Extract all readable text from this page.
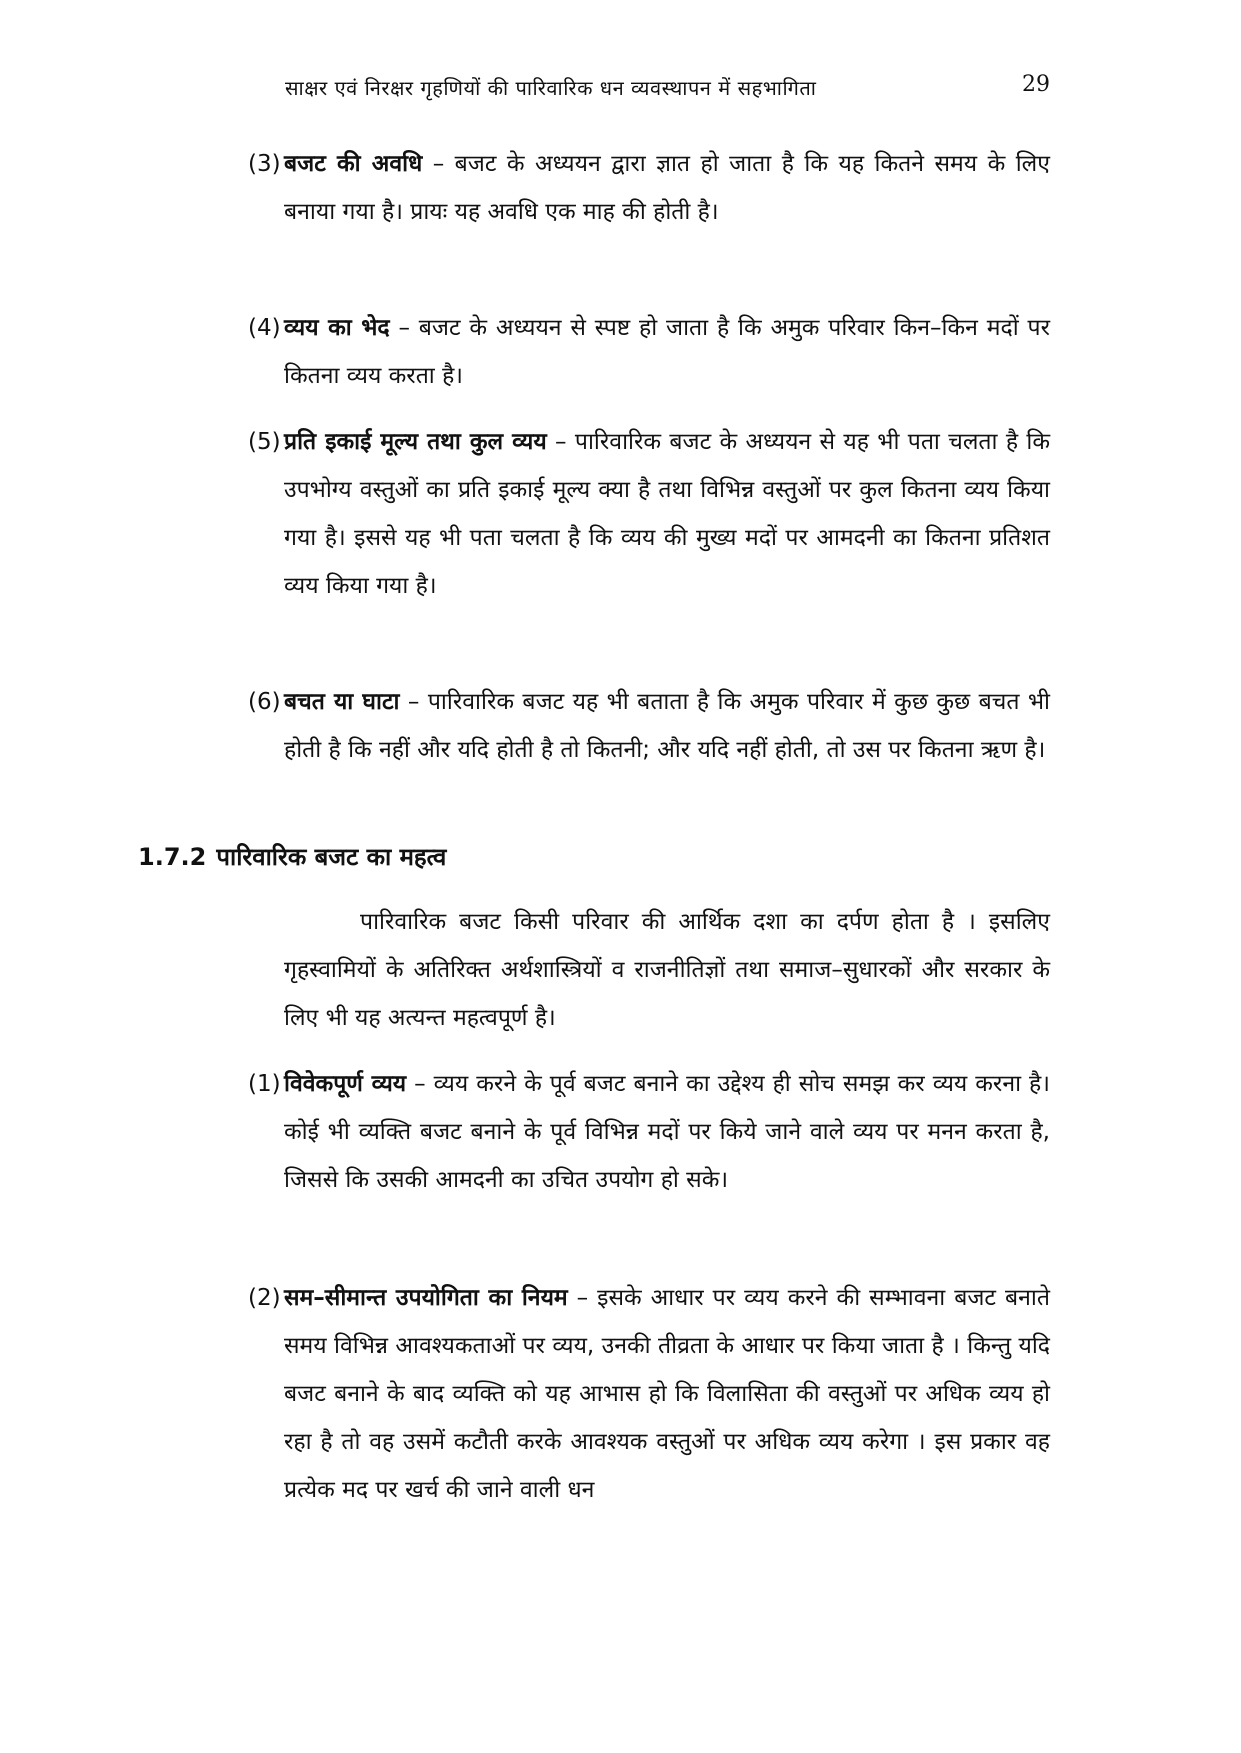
साक्षर एवं निरक्षर गृहणियों की पारिवारिक धन व्यवस्थापन में सहभागिता	29
(3) बजट की अवधि – बजट के अध्ययन द्वारा ज्ञात हो जाता है कि यह कितने समय के लिए बनाया गया है। प्रायः यह अवधि एक माह की होती है।
(4) व्यय का भेद – बजट के अध्ययन से स्पष्ट हो जाता है कि अमुक परिवार किन–किन मदों पर कितना व्यय करता है।
(5) प्रति इकाई मूल्य तथा कुल व्यय – पारिवारिक बजट के अध्ययन से यह भी पता चलता है कि उपभोग्य वस्तुओं का प्रति इकाई मूल्य क्या है तथा विभिन्न वस्तुओं पर कुल कितना व्यय किया गया है। इससे यह भी पता चलता है कि व्यय की मुख्य मदों पर आमदनी का कितना प्रतिशत व्यय किया गया है।
(6) बचत या घाटा – पारिवारिक बजट यह भी बताता है कि अमुक परिवार में कुछ कुछ बचत भी होती है कि नहीं और यदि होती है तो कितनी; और यदि नहीं होती, तो उस पर कितना ऋण है।
1.7.2 पारिवारिक बजट का महत्व
पारिवारिक बजट किसी परिवार की आर्थिक दशा का दर्पण होता है । इसलिए गृहस्वामियों के अतिरिक्त अर्थशास्त्रियों व राजनीतिज्ञों तथा समाज–सुधारकों और सरकार के लिए भी यह अत्यन्त महत्वपूर्ण है।
(1) विवेकपूर्ण व्यय – व्यय करने के पूर्व बजट बनाने का उद्देश्य ही सोच समझ कर व्यय करना है। कोई भी व्यक्ति बजट बनाने के पूर्व विभिन्न मदों पर किये जाने वाले व्यय पर मनन करता है, जिससे कि उसकी आमदनी का उचित उपयोग हो सके।
(2) सम–सीमान्त उपयोगिता का नियम – इसके आधार पर व्यय करने की सम्भावना बजट बनाते समय विभिन्न आवश्यकताओं पर व्यय, उनकी तीव्रता के आधार पर किया जाता है । किन्तु यदि बजट बनाने के बाद व्यक्ति को यह आभास हो कि विलासिता की वस्तुओं पर अधिक व्यय हो रहा है तो वह उसमें कटौती करके आवश्यक वस्तुओं पर अधिक व्यय करेगा । इस प्रकार वह प्रत्येक मद पर खर्च की जाने वाली धन
